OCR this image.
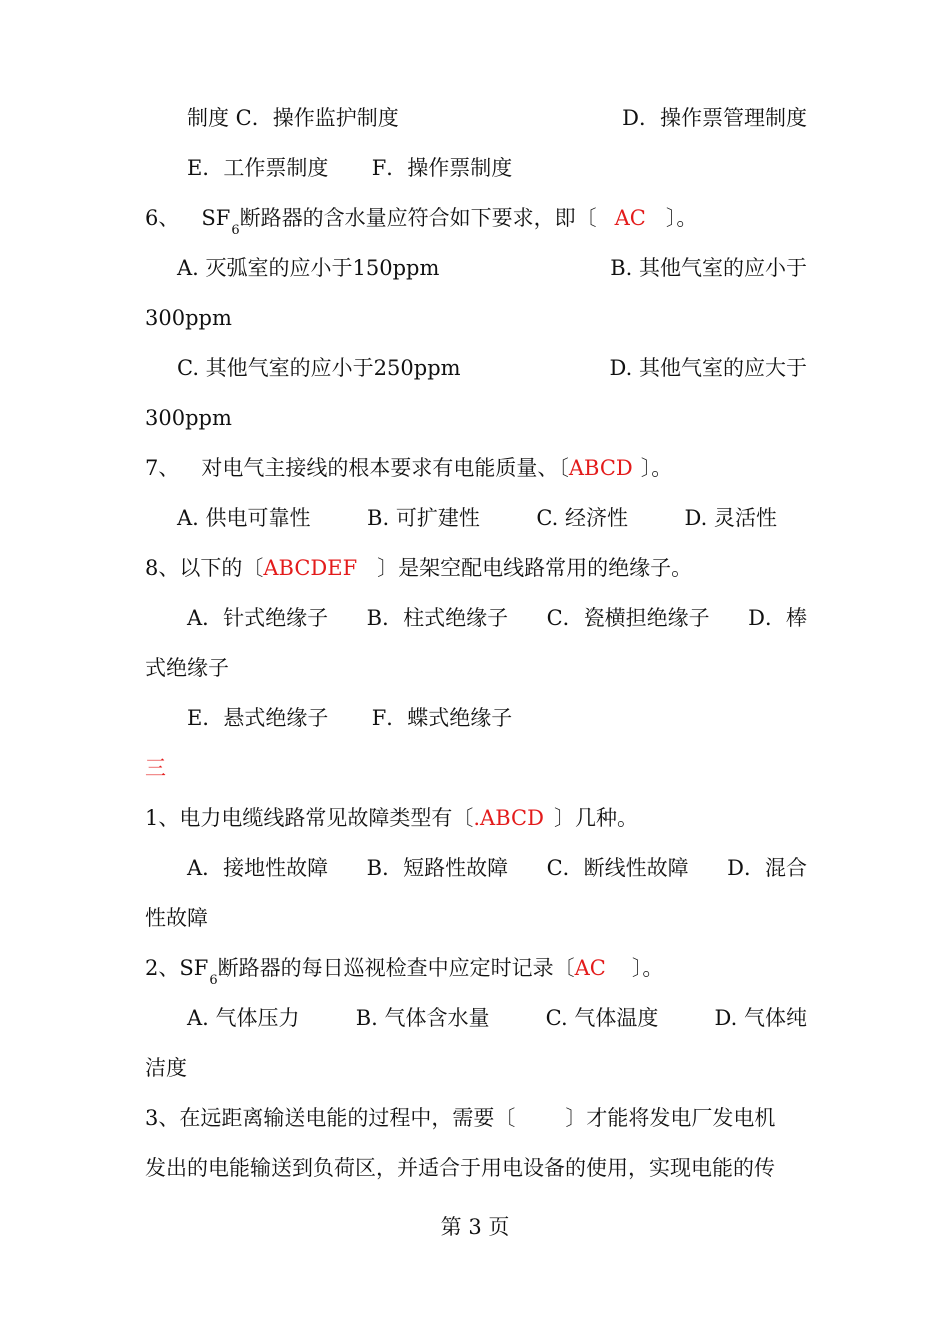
制度 C．操作监护制度	D．操作票管理制度
E．工作票制度 F．操作票制度
6、 $SF_6$断路器的含水量应符合如下要求，即〔 AC 〕。
A. 灭弧室的应小于150ppm	B. 其他气室的应小于
300ppm
C. 其他气室的应小于250ppm	D. 其他气室的应大于
300ppm
7、 对电气主接线的根本要求有电能质量、〔ABCD 〕。
A. 供电可靠性	B. 可扩建性	C. 经济性	D. 灵活性
8、以下的〔ABCDEF 〕是架空配电线路常用的绝缘子。
A．针式绝缘子 B．柱式绝缘子 C．瓷横担绝缘子 D．棒
式绝缘子
E．悬式绝缘子 F．蝶式绝缘子
三
1、电力电缆线路常见故障类型有〔.ABCD 〕几种。
A．接地性故障 B．短路性故障 C．断线性故障 D．混合
性故障
2、$SF_6$断路器的每日巡视检查中应定时记录〔AC 〕。
A. 气体压力	B. 气体含水量	C. 气体温度	D. 气体纯
洁度
3、在远距离输送电能的过程中，需要〔 〕才能将发电厂发电机
发出的电能输送到负荷区，并适合于用电设备的使用，实现电能的传
第 3 页
